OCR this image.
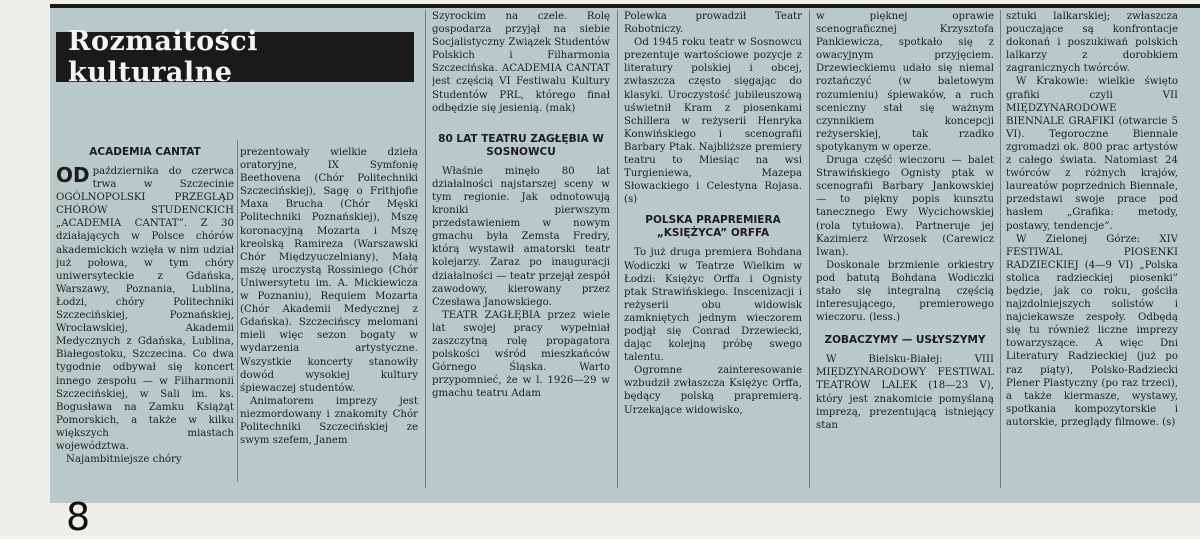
Rozmaitości kulturalne
ACADEMIA CANTAT

OD października do czerwca trwa w Szczecinie OGÓLNOPOLSKI PRZEGLĄD CHÓRÓW STUDENCKICH „ACADEMIA CANTAT”. Z 30 działających w Polsce chórów akademickich wzięła w nim udział już połowa, w tym chóry uniwersyteckie z Gdańska, Warszawy, Poznania, Lublina, Łodzi, chóry Politechniki Szczecińskiej, Poznańskiej, Wrocławskiej, Akademii Medycznych z Gdańska, Lublina, Białegostoku, Szczecina. Co dwa tygodnie odbywał się koncert innego zespołu — w Filharmonii Szczecińskiej, w Sali im. ks. Bogusława na Zamku Książąt Pomorskich, a także w kilku większych miastach województwa.

Najambitniejsze chóry

prezentowały wielkie dzieła oratoryjne, IX Symfonię Beethovena (Chór Politechniki Szczecińskiej), Sagę o Frithjofie Maxa Brucha (Chór Męski Politechniki Poznańskiej), Mszę koronacyjną Mozarta i Mszę kreolską Ramireza (Warszawski Chór Międzyuczelniany), Małą mszę uroczystą Rossiniego (Chór Uniwersytetu im. A. Mickiewicza w Poznaniu), Requiem Mozarta (Chór Akademii Medycznej z Gdańska). Szczecińscy melomani mieli więc sezon bogaty w wydarzenia artystyczne. Wszystkie koncerty stanowiły dowód wysokiej kultury śpiewaczej studentów.

Animatorem imprezy jest niezmordowany i znakomity Chór Politechniki Szczecińskiej ze swym szefem, Janem

Szyrockim na czele. Rolę gospodarza przyjął na siebie Socjalistyczny Związek Studentów Polskich i Filharmonia Szczecińska. ACADEMIA CANTAT jest częścią VI Festiwalu Kultury Studentów PRL, którego finał odbędzie się jesienią. (mak)

80 LAT TEATRU ZAGŁĘBIA W SOSNOWCU

Właśnie minęło 80 lat działalności najstarszej sceny w tym regionie. Jak odnotowują kroniki pierwszym przedstawieniem w nowym gmachu była Zemsta Fredry, którą wystawił amatorski teatr kolejarzy. Zaraz po inauguracji działalności — teatr przejął zespół zawodowy, kierowany przez Czesława Janowskiego.

TEATR ZAGŁĘBIA przez wiele lat swojej pracy wypełniał zaszczytną rolę propagatora polskości wśród mieszkańców Górnego Śląska. Warto przypomnieć, że w l. 1926—29 w gmachu teatru Adam

Polewka prowadził Teatr Robotniczy.

Od 1945 roku teatr w Sosnowcu prezentuje wartościowe pozycje z literatury polskiej i obcej, zwłaszcza często sięgając do klasyki. Uroczystość jubileuszową uświetnił Kram z piosenkami Schillera w reżyserii Henryka Konwińskiego i scenografii Barbary Ptak. Najbliższe premiery teatru to Miesiąc na wsi Turgieniewa, Mazepa Słowackiego i Celestyna Rojasa. (s)

POLSKA PRAPREMIERA „KSIĘŻYCA” ORFFA

To już druga premiera Bohdana Wodiczki w Teatrze Wielkim w Łodzi: Księżyc Orffa i Ognisty ptak Strawińskiego. Inscenizacji i reżyserii obu widowisk zamkniętych jednym wieczorem podjął się Conrad Drzewiecki, dając kolejną próbę swego talentu.

Ogromne zainteresowanie wzbudził zwłaszcza Księżyc Orffa, będący polską prapremierą. Urzekające widowisko,

w pięknej oprawie scenograficznej Krzysztofa Pankiewicza, spotkało się z owacyjnym przyjęciem. Drzewieckiemu udało się niemal roztańczyć (w baletowym rozumieniu) śpiewaków, a ruch sceniczny stał się ważnym czynnikiem koncepcji reżyserskiej, tak rzadko spotykanym w operze.

Druga część wieczoru — balet Strawińskiego Ognisty ptak w scenografii Barbary Jankowskiej — to piękny popis kunsztu tanecznego Ewy Wycichowskiej (rola tytułowa). Partneruje jej Kazimierz Wrzosek (Carewicz Iwan).

Doskonale brzmienie orkiestry pod batutą Bohdana Wodiczki stało się integralną częścią interesującego, premierowego wieczoru. (less.)

ZOBACZYMY — USŁYSZYMY

W Bielsku-Białej: VIII MIĘDZYNARODOWY FESTIWAL TEATRÓW LALEK (18—23 V), który jest znakomicie pomyślaną imprezą, prezentującą istniejący stan

sztuki lalkarskiej; zwłaszcza pouczające są konfrontacje dokonań i poszukiwań polskich lalkarzy z dorobkiem zagranicznych twórców.

W Krakowie: wielkie święto grafiki czyli VII MIĘDZYNARODOWE BIENNALE GRAFIKI (otwarcie 5 VI). Tegoroczne Biennale zgromadzi ok. 800 prac artystów z całego świata. Natomiast 24 twórców z różnych krajów, laureatów poprzednich Biennale, przedstawi swoje prace pod hasłem „Grafika: metody, postawy, tendencje”.

W Zielonej Górze: XIV FESTIWAL PIOSENKI RADZIECKIEJ (4—9 VI) „Polska stolica radzieckiej piosenki” będzie, jak co roku, gościła najzdolniejszych solistów i najciekawsze zespoły. Odbędą się tu również liczne imprezy towarzyszące. A więc Dni Literatury Radzieckiej (już po raz piąty), Polsko-Radziecki Plener Plastyczny (po raz trzeci), a także kiermasze, wystawy, spotkania kompozytorskie i autorskie, przeglądy filmowe. (s)

8
